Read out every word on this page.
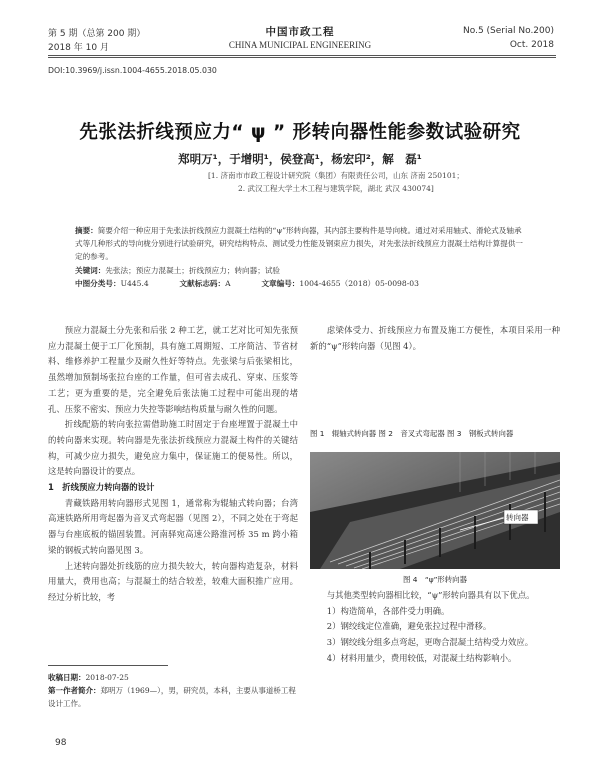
第 5 期（总第 200 期）
2018 年 10 月
中国市政工程
CHINA MUNICIPAL ENGINEERING
No.5 (Serial No.200)
Oct. 2018
DOI:10.3969/j.issn.1004-4655.2018.05.030
先张法折线预应力“ ψ ” 形转向器性能参数试验研究
郑明万¹，于增明¹，侯登高¹，杨宏印²，解　磊¹
[1. 济南市市政工程设计研究院（集团）有限责任公司，山东 济南 250101；
2. 武汉工程大学土木工程与建筑学院，湖北 武汉 430074]

摘要：简要介绍一种应用于先张法折线预应力混凝土结构的“ψ”形转向器，其内部主要构件是导向栊。通过对采用轴式、滑轮式及轴承式等几种形式的导向栊分别进行试验研究，研究结构特点、测试受力性能及钢束应力损失，对先张法折线预应力混凝土结构计算提供一定的参考。

关键词：先张法；预应力混凝土；折线预应力；转向器；试验

中图分类号：U445.4	文献标志码：A	文章编号：1004-4655（2018）05-0098-03

预应力混凝土分先张和后张 2 种工艺，就工艺对比可知先张预应力混凝土便于工厂化预制，具有施工周期短、工序简洁、节省材料、维修养护工程量少及耐久性好等特点。先张梁与后张梁相比，虽然增加预制场张拉台座的工作量，但可省去成孔、穿束、压浆等工艺；更为重要的是，完全避免后张法施工过程中可能出现的堵孔、压浆不密实、预应力失控等影响结构质量与耐久性的问题。

折线配筋的转向张拉需借助施工时固定于台座埋置于混凝土中的转向器来实现。转向器是先张法折线预应力混凝土构件的关键结构，可减少应力损失，避免应力集中，保证施工的便易性。所以，这是转向器设计的要点。

1　折线预应力转向器的设计

青藏铁路用转向器形式见图 1，通常称为辊轴式转向器；台湾高速铁路所用弯起器为音叉式弯起器（见图 2），不同之处在于弯起器与台座底板的锚固装置。河南驿宛高速公路淮河桥 35 m 跨小箱梁的钢板式转向器见图 3。

上述转向器处折线筋的应力损失较大，转向器构造复杂，材料用量大，费用也高；与混凝土的结合较差，较难大面积推广应用。经过分析比较，考

虑梁体受力、折线预应力布置及施工方便性，本项目采用一种新的“ψ”形转向器（见图 4）。

图 1　辊轴式转向器 图 2　音叉式弯起器 图 3　钢板式转向器
转向器
图 4　“ψ”形转向器

与其他类型转向器相比较，“ψ”形转向器具有以下优点。

1）构造简单，各部件受力明确。

2）钢绞线定位准确，避免张拉过程中滑移。

3）钢绞线分组多点弯起，更吻合混凝土结构受力效应。

4）材料用量少，费用较低，对混凝土结构影响小。

收稿日期：2018-07-25
第一作者简介：郑明万（1969—），男，研究员，本科，主要从事道桥工程设计工作。
98
